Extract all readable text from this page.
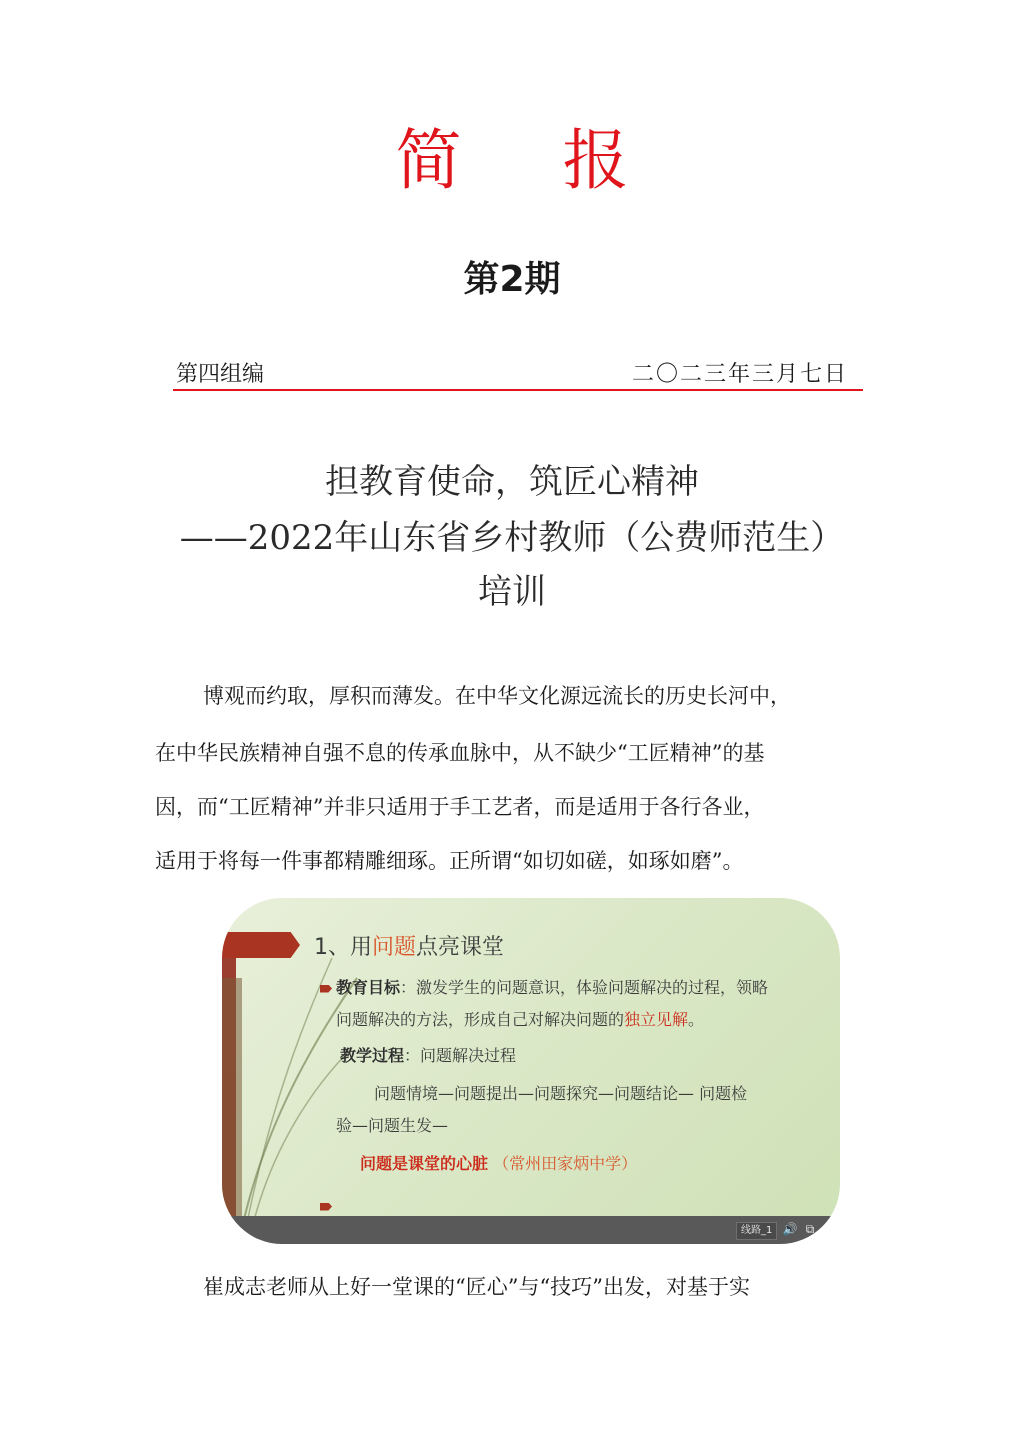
简 报
第2期
第四组编	二〇二三年三月七日
担教育使命，筑匠心精神
——2022年山东省乡村教师（公费师范生）
培训
博观而约取，厚积而薄发。在中华文化源远流长的历史长河中，
在中华民族精神自强不息的传承血脉中，从不缺少“工匠精神”的基
因，而“工匠精神”并非只适用于手工艺者，而是适用于各行各业，
适用于将每一件事都精雕细琢。正所谓“如切如磋，如琢如磨”。
1、用问题点亮课堂
教育目标：激发学生的问题意识，体验问题解决的过程，领略
问题解决的方法，形成自己对解决问题的独立见解。
教学过程：问题解决过程
问题情境—问题提出—问题探究—问题结论— 问题检
验—问题生发—
问题是课堂的心脏 （常州田家炳中学）
线路_1 🔊 ⧉ ▢
崔成志老师从上好一堂课的“匠心”与“技巧”出发，对基于实
